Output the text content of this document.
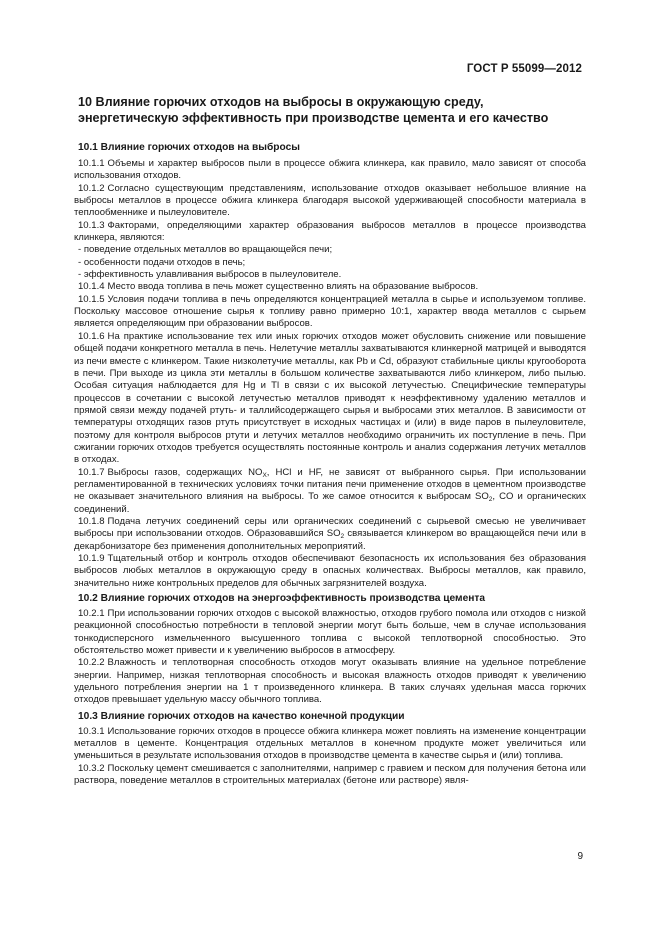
ГОСТ Р 55099—2012

10 Влияние горючих отходов на выбросы в окружающую среду, энергетическую эффективность при производстве цемента и его качество

10.1 Влияние горючих отходов на выбросы

10.1.1 Объемы и характер выбросов пыли в процессе обжига клинкера, как правило, мало зависят от способа использования отходов.

10.1.2 Согласно существующим представлениям, использование отходов оказывает небольшое влияние на выбросы металлов в процессе обжига клинкера благодаря высокой удерживающей способности материала в теплообменнике и пылеуловителе.

10.1.3 Факторами, определяющими характер образования выбросов металлов в процессе производства клинкера, являются:

- поведение отдельных металлов во вращающейся печи;

- особенности подачи отходов в печь;

- эффективность улавливания выбросов в пылеуловителе.

10.1.4 Место ввода топлива в печь может существенно влиять на образование выбросов.

10.1.5 Условия подачи топлива в печь определяются концентрацией металла в сырье и используемом топливе. Поскольку массовое отношение сырья к топливу равно примерно 10:1, характер ввода металлов с сырьем является определяющим при образовании выбросов.

10.1.6 На практике использование тех или иных горючих отходов может обусловить снижение или повышение общей подачи конкретного металла в печь. Нелетучие металлы захватываются клинкерной матрицей и выводятся из печи вместе с клинкером. Такие низколетучие металлы, как Pb и Cd, образуют стабильные циклы кругооборота в печи. При выходе из цикла эти металлы в большом количестве захватываются либо клинкером, либо пылью. Особая ситуация наблюдается для Hg и Tl в связи с их высокой летучестью. Специфические температуры процессов в сочетании с высокой летучестью металлов приводят к неэффективному удалению металлов и прямой связи между подачей ртуть- и таллийсодержащего сырья и выбросами этих металлов. В зависимости от температуры отходящих газов ртуть присутствует в исходных частицах и (или) в виде паров в пылеуловителе, поэтому для контроля выбросов ртути и летучих металлов необходимо ограничить их поступление в печь. При сжигании горючих отходов требуется осуществлять постоянные контроль и анализ содержания летучих металлов в отходах.

10.1.7 Выбросы газов, содержащих $NO_X$, HCl и HF, не зависят от выбранного сырья. При использовании регламентированной в технических условиях точки питания печи применение отходов в цементном производстве не оказывает значительного влияния на выбросы. То же самое относится к выбросам $SO_2$, CO и органических соединений.

10.1.8 Подача летучих соединений серы или органических соединений с сырьевой смесью не увеличивает выбросы при использовании отходов. Образовавшийся $SO_2$ связывается клинкером во вращающейся печи или в декарбонизаторе без применения дополнительных мероприятий.

10.1.9 Тщательный отбор и контроль отходов обеспечивают безопасность их использования без образования выбросов любых металлов в окружающую среду в опасных количествах. Выбросы металлов, как правило, значительно ниже контрольных пределов для обычных загрязнителей воздуха.

10.2 Влияние горючих отходов на энергоэффективность производства цемента

10.2.1 При использовании горючих отходов с высокой влажностью, отходов грубого помола или отходов с низкой реакционной способностью потребности в тепловой энергии могут быть больше, чем в случае использования тонкодисперсного измельченного высушенного топлива с высокой теплотворной способностью. Это обстоятельство может привести и к увеличению выбросов в атмосферу.

10.2.2 Влажность и теплотворная способность отходов могут оказывать влияние на удельное потребление энергии. Например, низкая теплотворная способность и высокая влажность отходов приводят к увеличению удельного потребления энергии на 1 т произведенного клинкера. В таких случаях удельная масса горючих отходов превышает удельную массу обычного топлива.

10.3 Влияние горючих отходов на качество конечной продукции

10.3.1 Использование горючих отходов в процессе обжига клинкера может повлиять на изменение концентрации металлов в цементе. Концентрация отдельных металлов в конечном продукте может увеличиться или уменьшиться в результате использования отходов в производстве цемента в качестве сырья и (или) топлива.

10.3.2 Поскольку цемент смешивается с заполнителями, например с гравием и песком для получения бетона или раствора, поведение металлов в строительных материалах (бетоне или растворе) явля-

9
